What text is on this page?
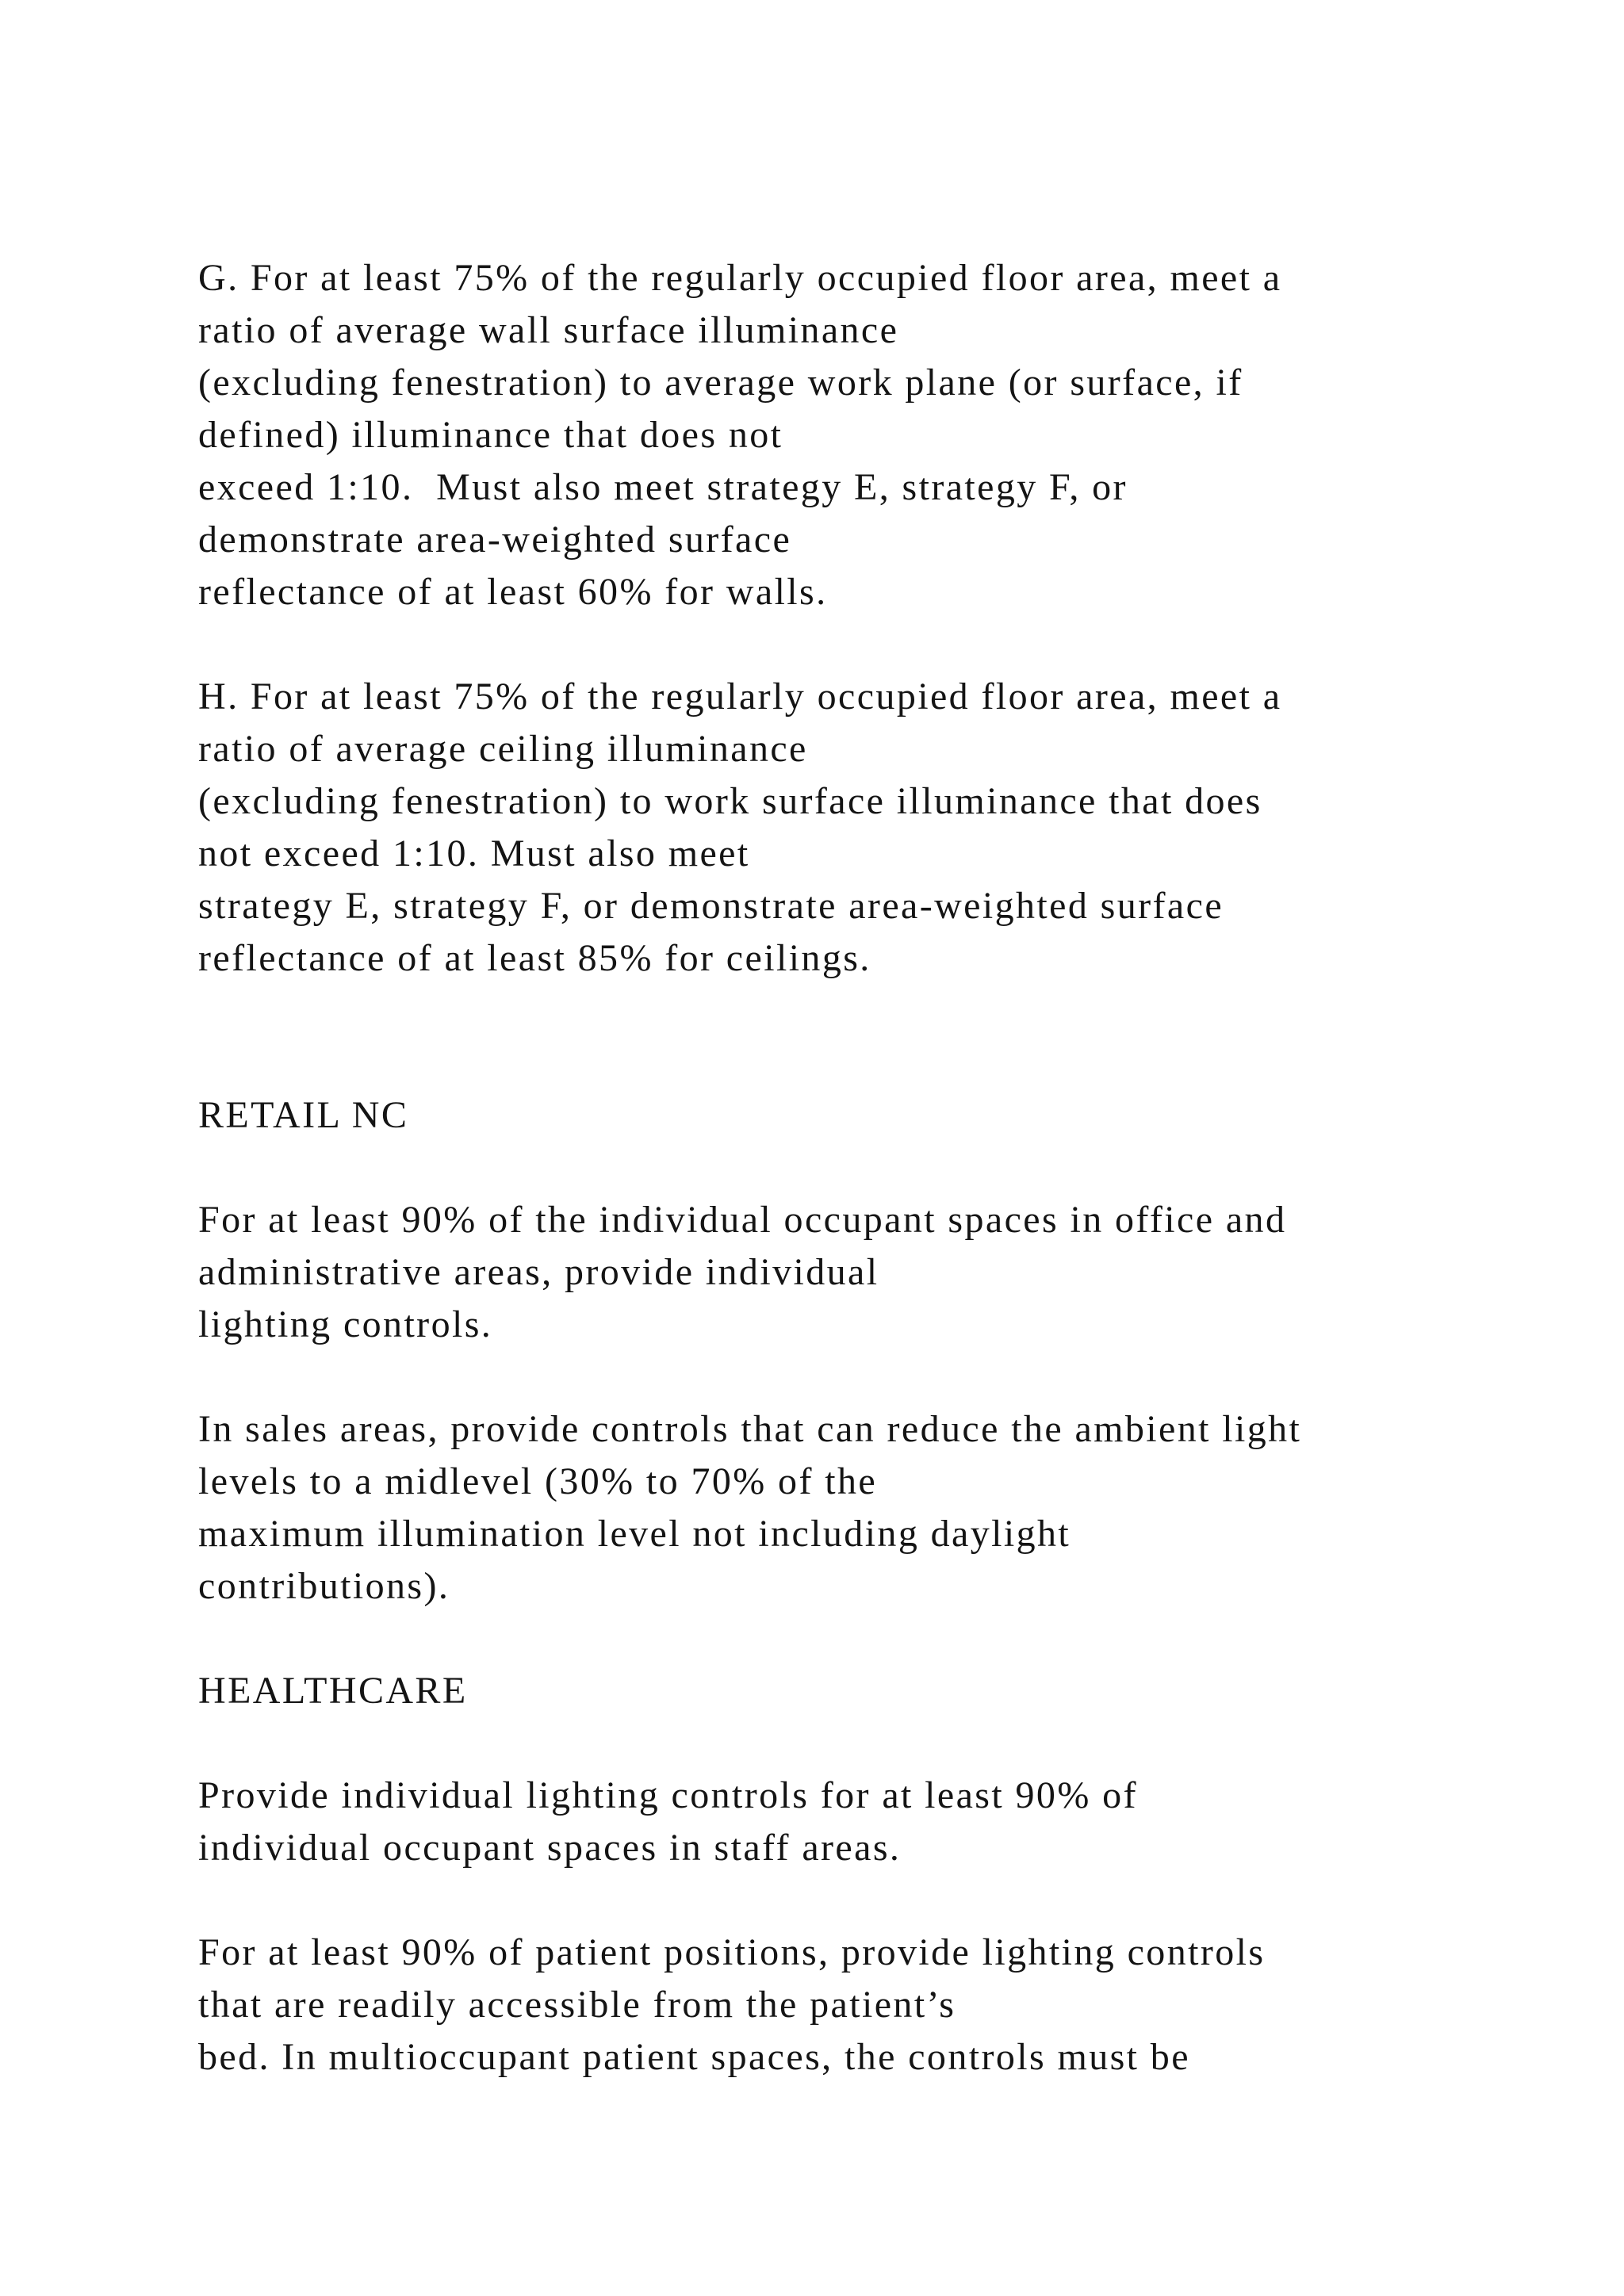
G. For at least 75% of the regularly occupied floor area, meet a
ratio of average wall surface illuminance
(excluding fenestration) to average work plane (or surface, if
defined) illuminance that does not
exceed 1:10.  Must also meet strategy E, strategy F, or
demonstrate area-weighted surface
reflectance of at least 60% for walls.
H. For at least 75% of the regularly occupied floor area, meet a
ratio of average ceiling illuminance
(excluding fenestration) to work surface illuminance that does
not exceed 1:10. Must also meet
strategy E, strategy F, or demonstrate area-weighted surface
reflectance of at least 85% for ceilings.
RETAIL NC
For at least 90% of the individual occupant spaces in office and
administrative areas, provide individual
lighting controls.
In sales areas, provide controls that can reduce the ambient light
levels to a midlevel (30% to 70% of the
maximum illumination level not including daylight
contributions).
HEALTHCARE
Provide individual lighting controls for at least 90% of
individual occupant spaces in staff areas.
For at least 90% of patient positions, provide lighting controls
that are readily accessible from the patient’s
bed. In multioccupant patient spaces, the controls must be
